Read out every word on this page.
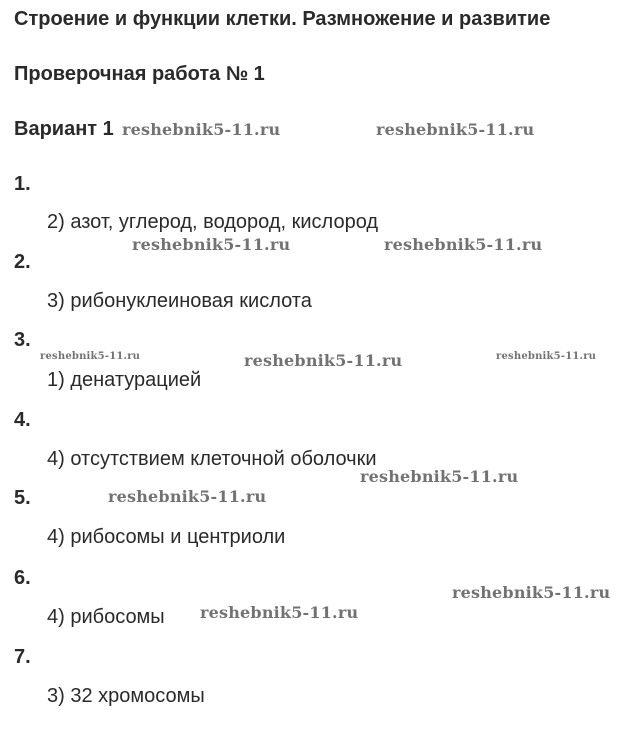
Строение и функции клетки. Размножение и развитие
Проверочная работа № 1
Вариант 1
1.
2) азот, углерод, водород, кислород
2.
3) рибонуклеиновая кислота
3.
1) денатурацией
4.
4) отсутствием клеточной оболочки
5.
4) рибосомы и центриоли
6.
4) рибосомы
7.
3) 32 хромосомы
reshebnik5-11.ru	reshebnik5-11.ru
reshebnik5-11.ru	reshebnik5-11.ru
reshebnik5-11.ru	reshebnik5-11.ru	reshebnik5-11.ru
reshebnik5-11.ru
reshebnik5-11.ru
reshebnik5-11.ru
reshebnik5-11.ru
